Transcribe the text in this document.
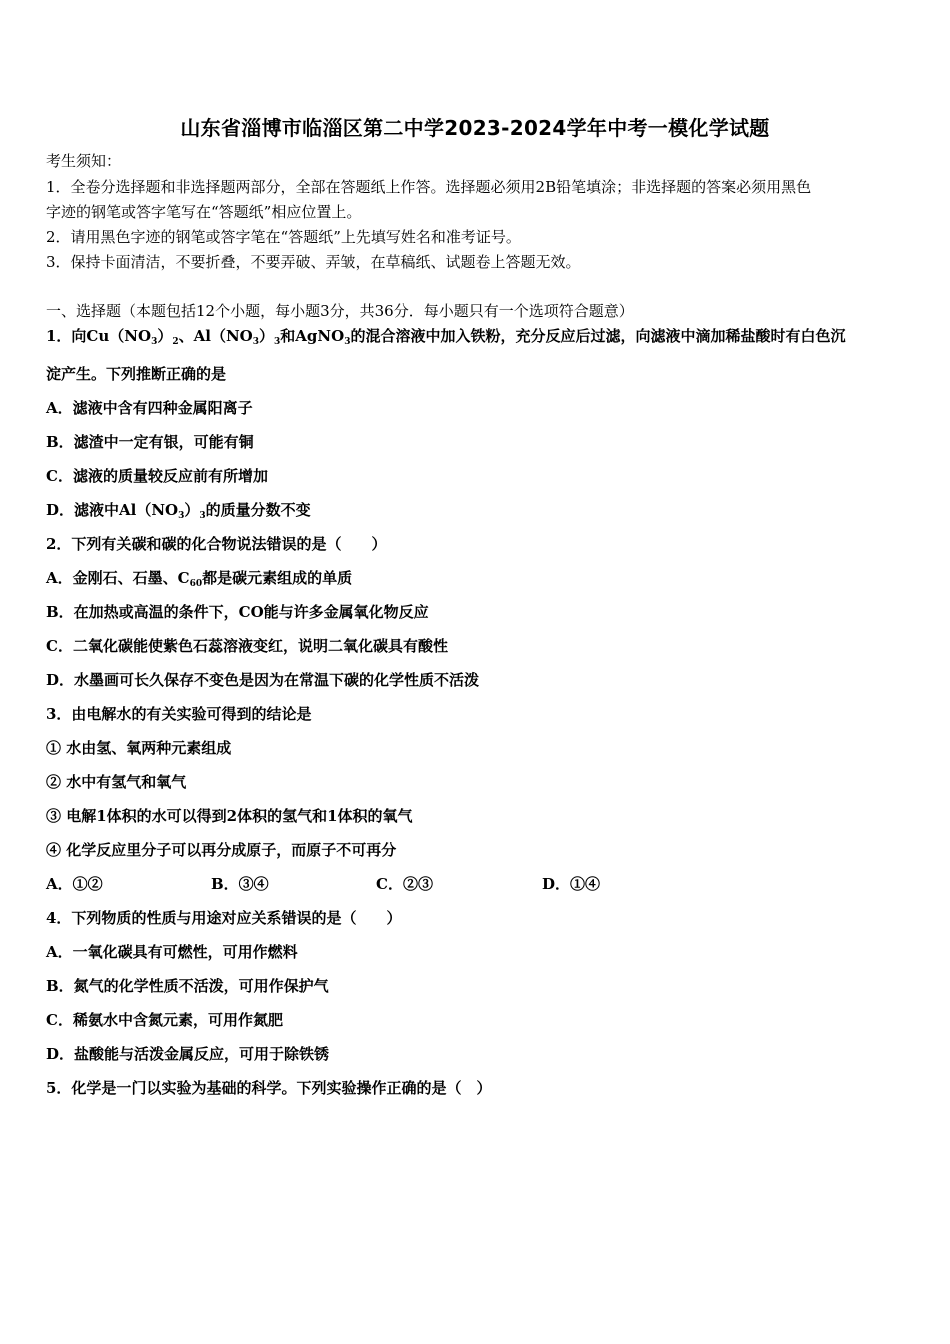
山东省淄博市临淄区第二中学2023-2024学年中考一模化学试题
考生须知：
1．全卷分选择题和非选择题两部分，全部在答题纸上作答。选择题必须用2B铅笔填涂；非选择题的答案必须用黑色
字迹的钢笔或答字笔写在“答题纸”相应位置上。
2．请用黑色字迹的钢笔或答字笔在“答题纸”上先填写姓名和准考证号。
3．保持卡面清洁，不要折叠，不要弄破、弄皱，在草稿纸、试题卷上答题无效。
一、选择题（本题包括12个小题，每小题3分，共36分．每小题只有一个选项符合题意）
1．向$Cu(NO_3)_2$、$Al(NO_3)_3$和AgNO$_3$的混合溶液中加入铁粉，充分反应后过滤，向滤液中滴加稀盐酸时有白色沉
淀产生。下列推断正确的是
A．滤液中含有四种金属阳离子
B．滤渣中一定有银，可能有铜
C．滤液的质量较反应前有所增加
D．滤液中$Al(NO_3)_3$的质量分数不变
2．下列有关碳和碳的化合物说法错误的是（　　）
A．金刚石、石墨、$C_{60}$都是碳元素组成的单质
B．在加热或高温的条件下，CO能与许多金属氧化物反应
C．二氧化碳能使紫色石蕊溶液变红，说明二氧化碳具有酸性
D．水墨画可长久保存不变色是因为在常温下碳的化学性质不活泼
3．由电解水的有关实验可得到的结论是
① 水由氢、氧两种元素组成
② 水中有氢气和氧气
③ 电解1体积的水可以得到2体积的氢气和1体积的氧气
④ 化学反应里分子可以再分成原子，而原子不可再分
A．①②	B．③④	C．②③	D．①④
4．下列物质的性质与用途对应关系错误的是（　　）
A．一氧化碳具有可燃性，可用作燃料
B．氮气的化学性质不活泼，可用作保护气
C．稀氨水中含氮元素，可用作氮肥
D．盐酸能与活泼金属反应，可用于除铁锈
5．化学是一门以实验为基础的科学。下列实验操作正确的是（　）
